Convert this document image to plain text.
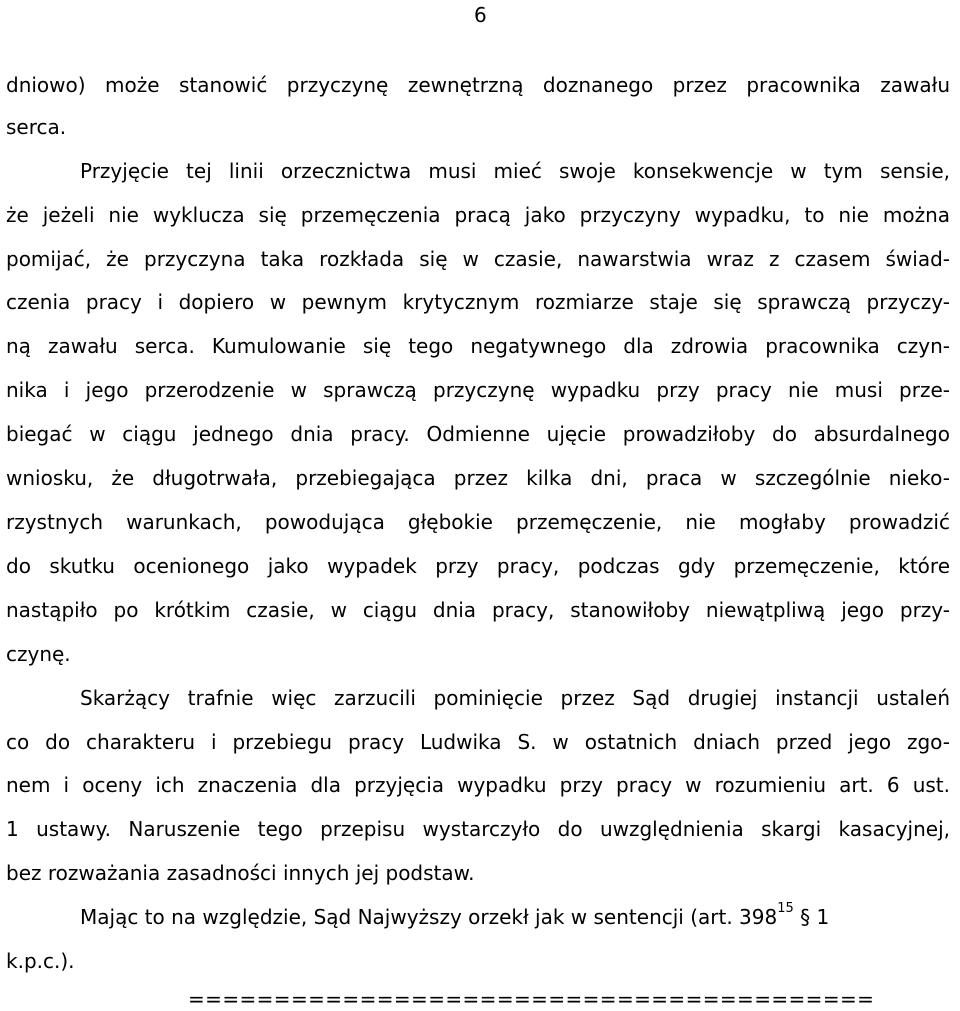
6
dniowo) może stanowić przyczynę zewnętrzną doznanego przez pracownika zawału
serca.
Przyjęcie tej linii orzecznictwa musi mieć swoje konsekwencje w tym sensie,
że jeżeli nie wyklucza się przemęczenia pracą jako przyczyny wypadku, to nie można
pomijać, że przyczyna taka rozkłada się w czasie, nawarstwia wraz z czasem świad-
czenia pracy i dopiero w pewnym krytycznym rozmiarze staje się sprawczą przyczy-
ną zawału serca. Kumulowanie się tego negatywnego dla zdrowia pracownika czyn-
nika i jego przerodzenie w sprawczą przyczynę wypadku przy pracy nie musi prze-
biegać w ciągu jednego dnia pracy. Odmienne ujęcie prowadziłoby do absurdalnego
wniosku, że długotrwała, przebiegająca przez kilka dni, praca w szczególnie nieko-
rzystnych warunkach, powodująca głębokie przemęczenie, nie mogłaby prowadzić
do skutku ocenionego jako wypadek przy pracy, podczas gdy przemęczenie, które
nastąpiło po krótkim czasie, w ciągu dnia pracy, stanowiłoby niewątpliwą jego przy-
czynę.
Skarżący trafnie więc zarzucili pominięcie przez Sąd drugiej instancji ustaleń
co do charakteru i przebiegu pracy Ludwika S. w ostatnich dniach przed jego zgo-
nem i oceny ich znaczenia dla przyjęcia wypadku przy pracy w rozumieniu art. 6 ust.
1 ustawy. Naruszenie tego przepisu wystarczyło do uwzględnienia skargi kasacyjnej,
bez rozważania zasadności innych jej podstaw.
Mając to na względzie, Sąd Najwyższy orzekł jak w sentencji (art. $398^{15}$ § 1
k.p.c.).
========================================
